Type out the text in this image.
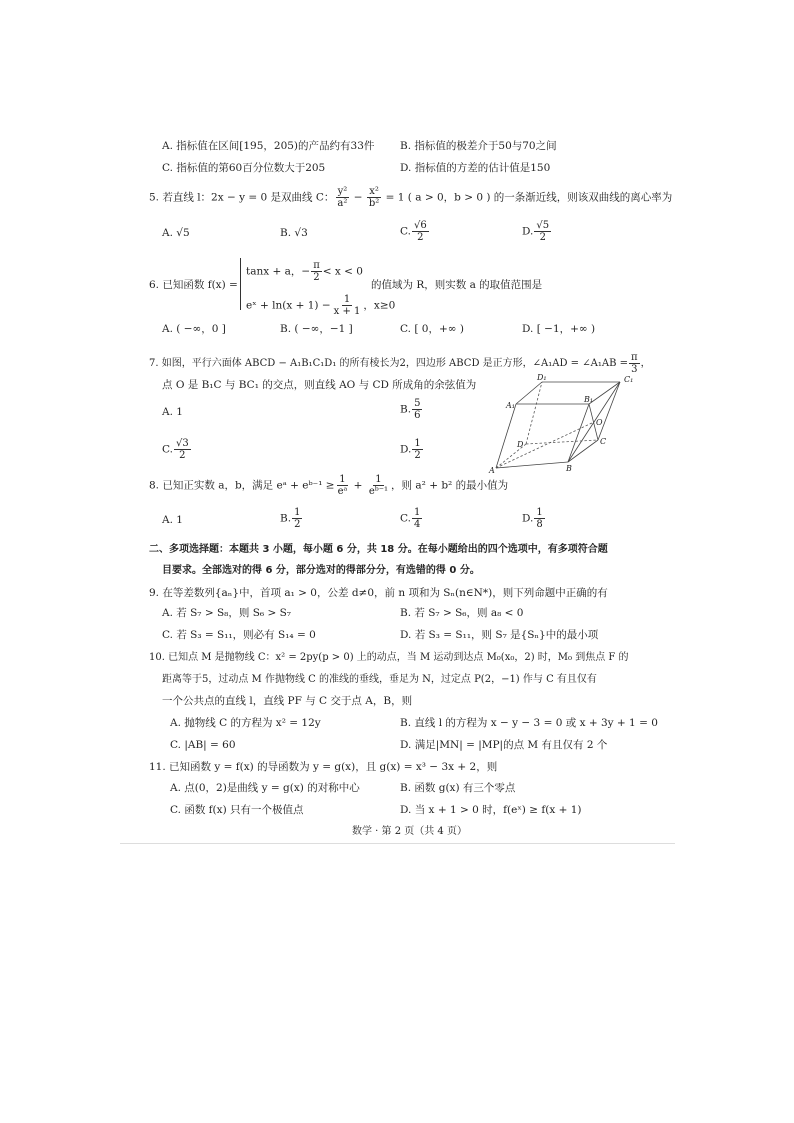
A. 指标值在区间[195，205)的产品约有33件 B. 指标值的极差介于50与70之间
C. 指标值的第60百分位数大于205	D. 指标值的方差的估计值是150
5. 若直线 l：2x − y = 0 是双曲线 C： $\frac{\text{y²}}{\text{a²}} - \frac{\text{x²}}{\text{b²}} = 1$ ( a > 0，b > 0 ) 的一条渐近线，则该双曲线的离心率为
A. √5	B. √3	C. $\frac{√6}{2}$	D. $\frac{√5}{2}$
6. 已知函数 f(x) =
tanx + a，− $\frac{\pi}{2} < x < 0$
eˣ + $\ln(x + 1) - \frac{1}{x + 1}$ ，x≥0
的值域为 R，则实数 a 的取值范围是
A. ( −∞，0 ]	B. ( −∞，−1 ]	C. [ 0，+∞ )	D. [ −1，+∞ )
7. 如图，平行六面体 ABCD − A₁B₁C₁D₁ 的所有棱长为2，四边形 ABCD 是正方形，∠A₁AD = ∠A₁AB = $\frac{\pi}{3}$ ，
点 O 是 B₁C 与 BC₁ 的交点，则直线 AO 与 CD 所成角的余弦值为
A. 1	B. $\frac{5}{6}$
C. $\frac{√3}{2}$	D. $\frac{1}{2}$
D₁	C₁
A₁
B₁
O
D	C
A	B
8. 已知正实数 a，b，满足 eᵃ + eᵇ⁻¹ ≥ $\frac{1}{\text{eᵃ}} + \frac{1}{\text{eᵇ⁻¹}}$ ，则 a² + b² 的最小值为
A. 1	B. $\frac{1}{2}$	C. $\frac{1}{4}$	D. $\frac{1}{8}$
二、多项选择题：本题共 3 小题，每小题 6 分，共 18 分。在每小题给出的四个选项中，有多项符合题
目要求。全部选对的得 6 分，部分选对的得部分分，有选错的得 0 分。
9. 在等差数列{aₙ}中，首项 a₁ > 0，公差 d≠0，前 n 项和为 Sₙ(n∈N*)，则下列命题中正确的有
A. 若 S₇ > S₈，则 S₆ > S₇	B. 若 S₇ > S₆，则 a₈ < 0
C. 若 S₃ = S₁₁，则必有 S₁₄ = 0	D. 若 S₃ = S₁₁，则 S₇ 是{Sₙ}中的最小项
10. 已知点 M 是抛物线 C：x² = 2py(p > 0) 上的动点，当 M 运动到达点 M₀(x₀，2) 时，M₀ 到焦点 F 的
距离等于5，过动点 M 作抛物线 C 的准线的垂线，垂足为 N，过定点 P(2，−1) 作与 C 有且仅有
一个公共点的直线 l，直线 PF 与 C 交于点 A，B，则
A. 抛物线 C 的方程为 x² = 12y	B. 直线 l 的方程为 x − y − 3 = 0 或 x + 3y + 1 = 0
C. |AB| = 60	D. 满足|MN| = |MP|的点 M 有且仅有 2 个
11. 已知函数 y = f(x) 的导函数为 y = g(x)，且 g(x) = x³ − 3x + 2，则
A. 点(0，2)是曲线 y = g(x) 的对称中心	B. 函数 g(x) 有三个零点
C. 函数 f(x) 只有一个极值点	D. 当 x + 1 > 0 时，f(eˣ) ≥ f(x + 1)
数学 · 第 2 页（共 4 页）
